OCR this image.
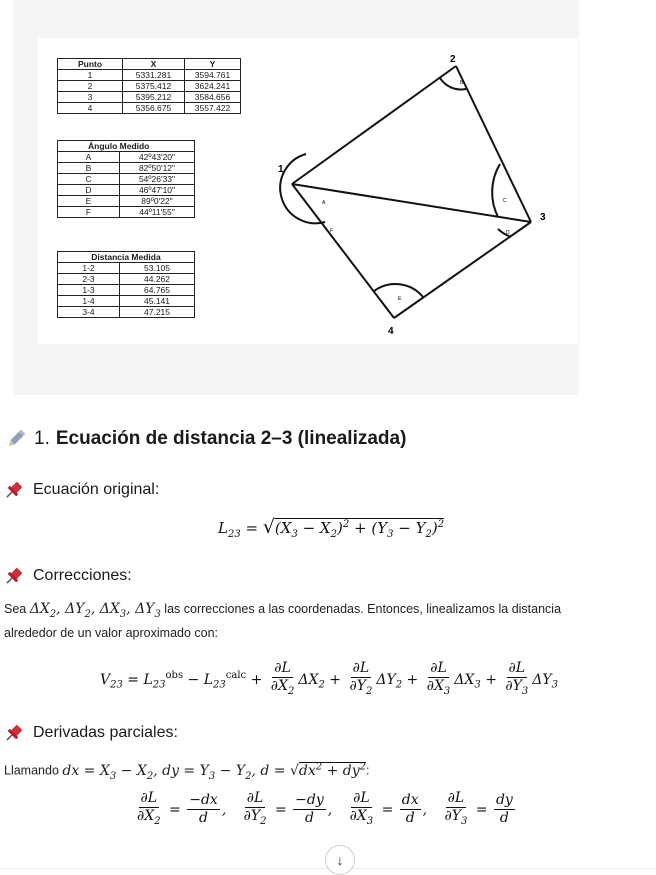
Punto	X	Y
1	5331.281	3594.761
2	5375.412	3624.241
3	5395.212	3584.656
4	5356.675	3557.422
Ángulo Medido	
A	42º43'20"
B	82º50'12"
C	54º26'33"
D	46º47'10"
E	89º0'22"
F	44º11'55"
Distancia Medida	
1-2	53.105
2-3	44.262
1-3	64.765
1-4	45.141
3-4	47.215
1
2
3
4
A
B
C
D
E
F
1. Ecuación de distancia 2–3 (linealizada)
Ecuación original:
$L_{23} = √(X_3 - X_2)^2 + (Y_3 - Y_2)^2$
Correcciones:
Sea $\Delta X_2$, $\Delta Y_2$, $\Delta X_3$, $\Delta Y_3$ las correcciones a las coordenadas. Entonces, linealizamos la distancia
alrededor de un valor aproximado con:
$V_{23} = L_{23}^{obs} - L_{23}^{calc} + \frac{\partial L}{\partial X_2} \Delta X_2 + \frac{\partial L}{\partial Y_2} \Delta Y_2 + \frac{\partial L}{\partial X_3} \Delta X_3 + \frac{\partial L}{\partial Y_3} \Delta Y_3$
Derivadas parciales:
Llamando dx = $X_3 - X_2$, dy = $Y_3 - Y_2$, $d = √dx^2 + dy^2$:
$\frac{\partial L}{\partial X_2} = \frac{-dx}{d}$ , $\frac{\partial L}{\partial Y_2} = \frac{-dy}{d}$ , $\frac{\partial L}{\partial X_3} = \frac{dx}{d}$ , $\frac{\partial L}{\partial Y_3} = \frac{dy}{d}$
↓
